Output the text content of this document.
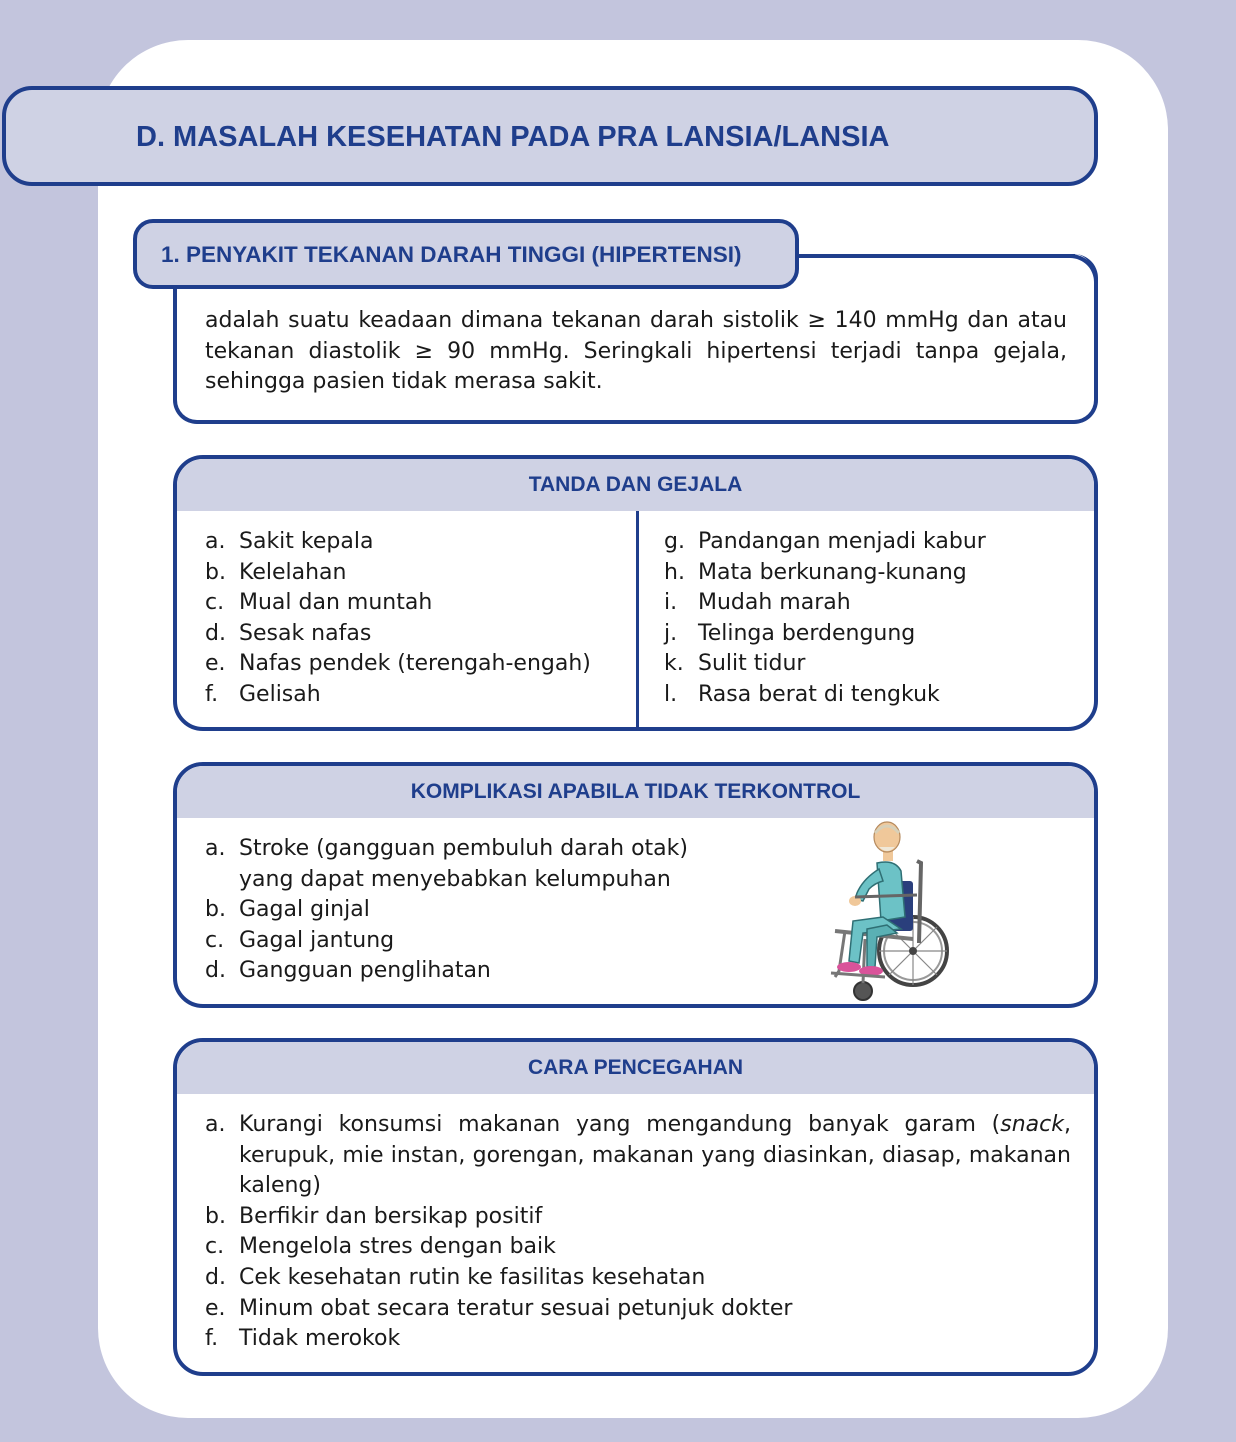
D. MASALAH KESEHATAN PADA PRA LANSIA/LANSIA
1. PENYAKIT TEKANAN DARAH TINGGI (HIPERTENSI)

adalah suatu keadaan dimana tekanan darah sistolik ≥ 140 mmHg dan atau tekanan diastolik ≥ 90 mmHg. Seringkali hipertensi terjadi tanpa gejala, sehingga pasien tidak merasa sakit.

TANDA DAN GEJALA
a. Sakit kepala
b. Kelelahan
c. Mual dan muntah
d. Sesak nafas
e. Nafas pendek (terengah-engah)
f. Gelisah
g. Pandangan menjadi kabur
h. Mata berkunang-kunang
i. Mudah marah
j. Telinga berdengung
k. Sulit tidur
l. Rasa berat di tengkuk
KOMPLIKASI APABILA TIDAK TERKONTROL
a. Stroke (gangguan pembuluh darah otak)
yang dapat menyebabkan kelumpuhan
b. Gagal ginjal
c. Gagal jantung
d. Gangguan penglihatan
CARA PENCEGAHAN
a. Kurangi konsumsi makanan yang mengandung banyak garam (snack, kerupuk, mie instan, gorengan, makanan yang diasinkan, diasap, makanan kaleng)
b. Berfikir dan bersikap positif
c. Mengelola stres dengan baik
d. Cek kesehatan rutin ke fasilitas kesehatan
e. Minum obat secara teratur sesuai petunjuk dokter
f. Tidak merokok
